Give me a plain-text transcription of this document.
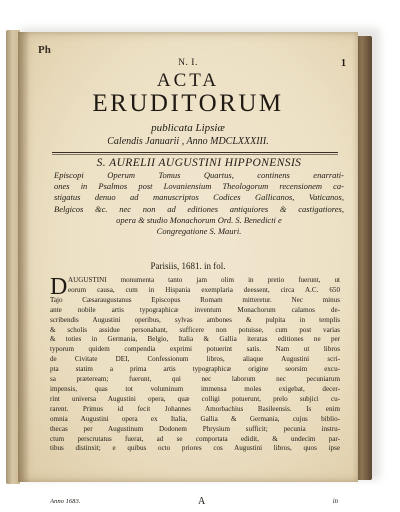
Ph
N. I.	1
ACTA
ERUDITORUM
publicata Lipsiæ
Calendis Januarii , Anno MDCLXXXIII.
S. AURELII AUGUSTINI HIPPONENSIS
Episcopi Operum Tomus Quartus, continens enarrati-
ones in Psalmos post Lovaniensium Theologorum recensionem ca-
stigatus denuo ad manuscriptos Codices Gallicanos, Vaticanos,
Belgicos &c. nec non ad editiones antiquiores & castigatiores,
opera & studio Monachorum Ord. S. Benedicti e
Congregatione S. Mauri.
Parisiis, 1681. in fol.
D AUGUSTINI monumenta tanto jam olim in pretio fuerunt, ut
eorum causa, cum in Hispania exemplaria deessent, circa A.C. 650
Tajo Cæsaraugustanus Episcopus Romam mitteretur. Nec minus
ante nobile artis typographicæ inventum Monachorum calamos de-
scribendis Augustini operibus, sylvas ambones & pulpita in templis
& scholis assidue personabant, sufficere non potuisse, cum post varias
& toties in Germania, Belgio, Italia & Gallia iteratas editiones ne per
typorum quidem compendia exprimi potuerint satis. Nam ut libros
de Civitate DEI, Confessionum libros, aliaque Augustini scri-
pta statim a prima artis typographicæ origine seorsim excu-
sa præteream; fuerunt, qui nec laborum nec pecuniarum
impensis, quas tot voluminum immensa moles exigebat, decer-
rint universa Augustini opera, quæ colligi potuerunt, prelo subjici cu-
rarent. Primus id fecit Johannes Amorbachius Basileensis. Is enim
omnia Augustini opera ex Italia, Gallia & Germania, cujus biblio-
thecas per Augustinum Dodonem Phrysium sufficit; pecunia instru-
ctum perscrutatus fuerat, ad se comportata edidit, & undecim par-
tibus distinxit; e quibus octo priores cos Augustini libros, quos ipse
Anno 1683.	A	in
